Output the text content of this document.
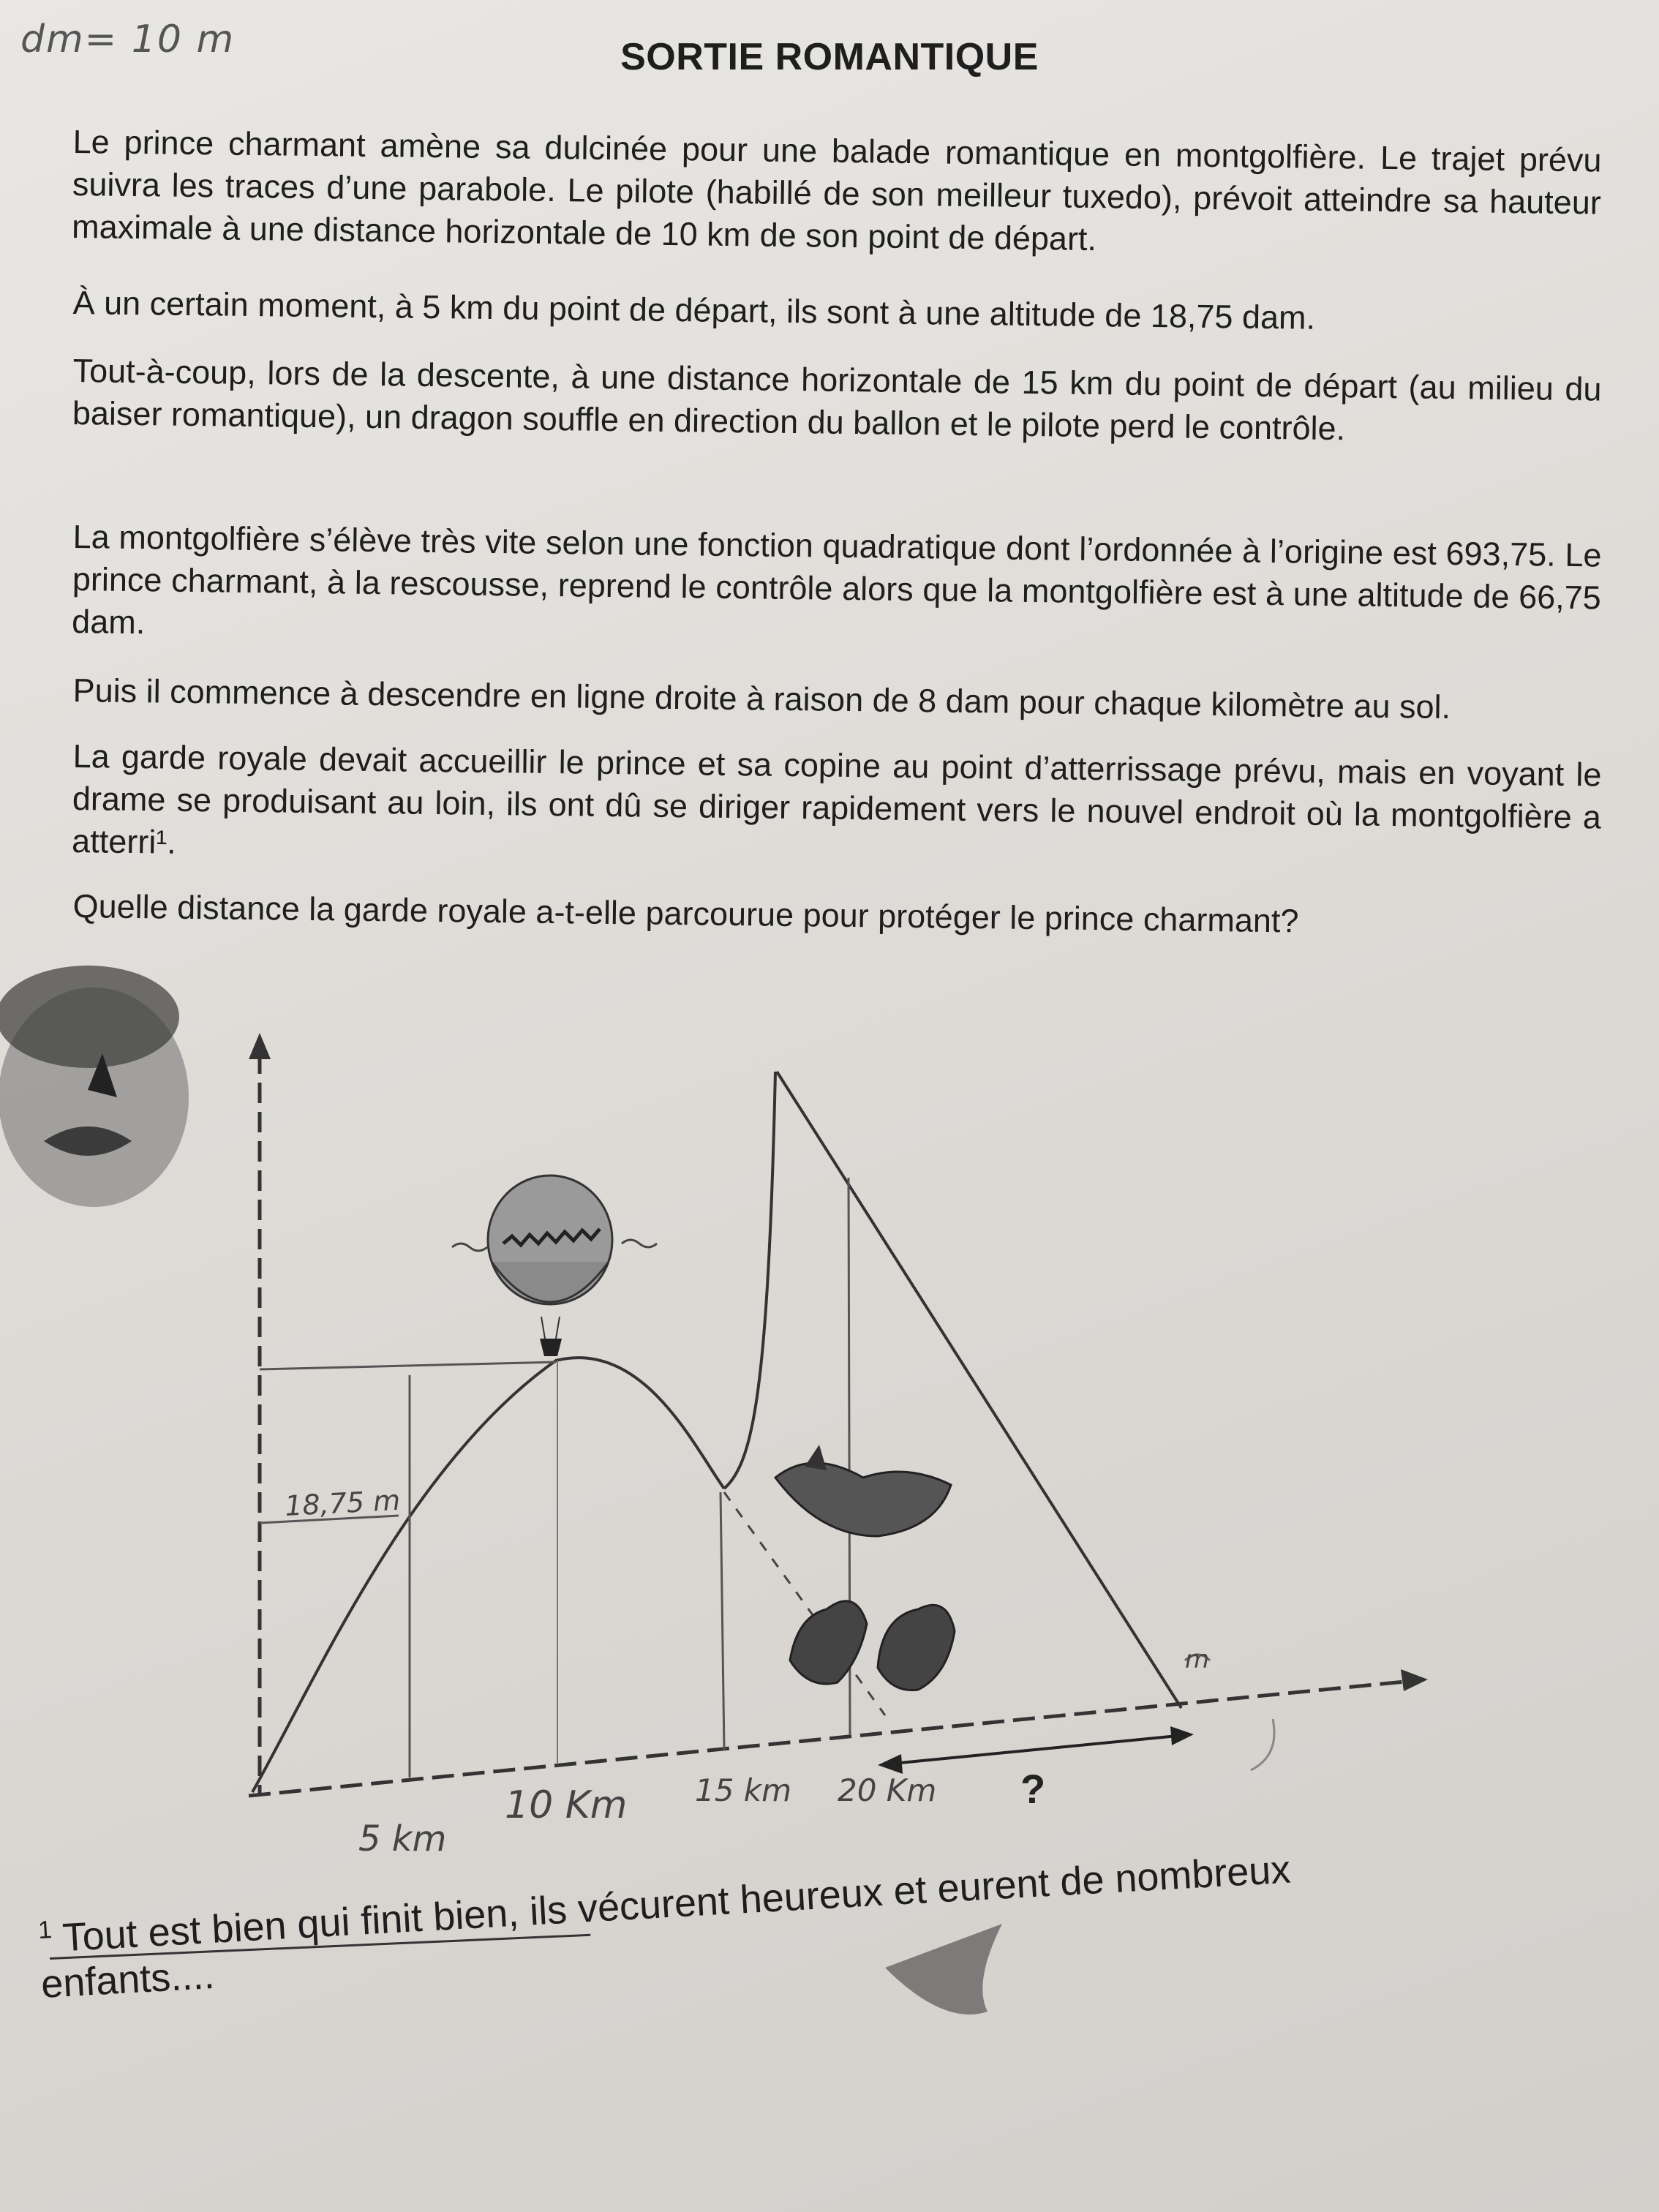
dm= 10 m	SORTIE ROMANTIQUE
Le prince charmant amène sa dulcinée pour une balade romantique en montgolfière. Le trajet prévu suivra les traces d’une parabole. Le pilote (habillé de son meilleur tuxedo), prévoit atteindre sa hauteur maximale à une distance horizontale de 10 km de son point de départ.
À un certain moment, à 5 km du point de départ, ils sont à une altitude de 18,75 dam.
Tout-à-coup, lors de la descente, à une distance horizontale de 15 km du point de départ (au milieu du baiser romantique), un dragon souffle en direction du ballon et le pilote perd le contrôle.
La montgolfière s’élève très vite selon une fonction quadratique dont l’ordonnée à l’origine est 693,75. Le prince charmant, à la rescousse, reprend le contrôle alors que la montgolfière est à une altitude de 66,75 dam.
Puis il commence à descendre en ligne droite à raison de 8 dam pour chaque kilomètre au sol.
La garde royale devait accueillir le prince et sa copine au point d’atterrissage prévu, mais en voyant le drame se produisant au loin, ils ont dû se diriger rapidement vers le nouvel endroit où la montgolfière a atterri¹.
Quelle distance la garde royale a-t-elle parcourue pour protéger le prince charmant?
18,75 m
5 km
10 Km 15 km 20 Km ?
m
$^1$ Tout est bien qui finit bien, ils vécurent heureux et eurent de nombreux enfants....
